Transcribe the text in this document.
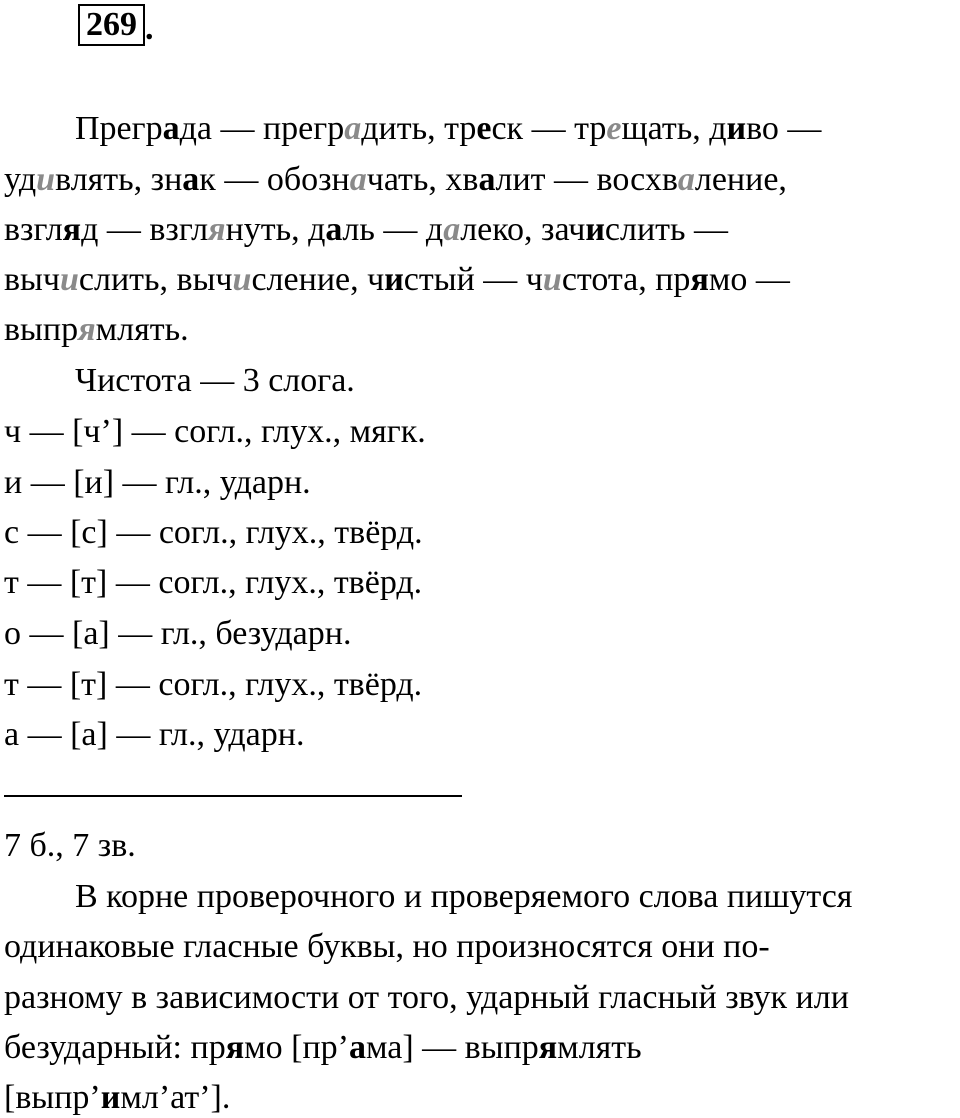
269 .
Преграда — преградить, треск — трещать, диво —
удивлять, знак — обозначать, хвалит — восхваление,
взгляд — взглянуть, даль — далеко, зачислить —
вычислить, вычисление, чистый — чистота, прямо —
выпрямлять.
Чистота — 3 слога.
ч — [ч’] — согл., глух., мягк.
и — [и] — гл., ударн.
с — [с] — согл., глух., твёрд.
т — [т] — согл., глух., твёрд.
о — [а] — гл., безударн.
т — [т] — согл., глух., твёрд.
а — [а] — гл., ударн.
7 б., 7 зв.
В корне проверочного и проверяемого слова пишутся
одинаковые гласные буквы, но произносятся они по-
разному в зависимости от того, ударный гласный звук или
безударный: прямо [пр’ама] — выпрямлять
[выпр’имл’ат’].
